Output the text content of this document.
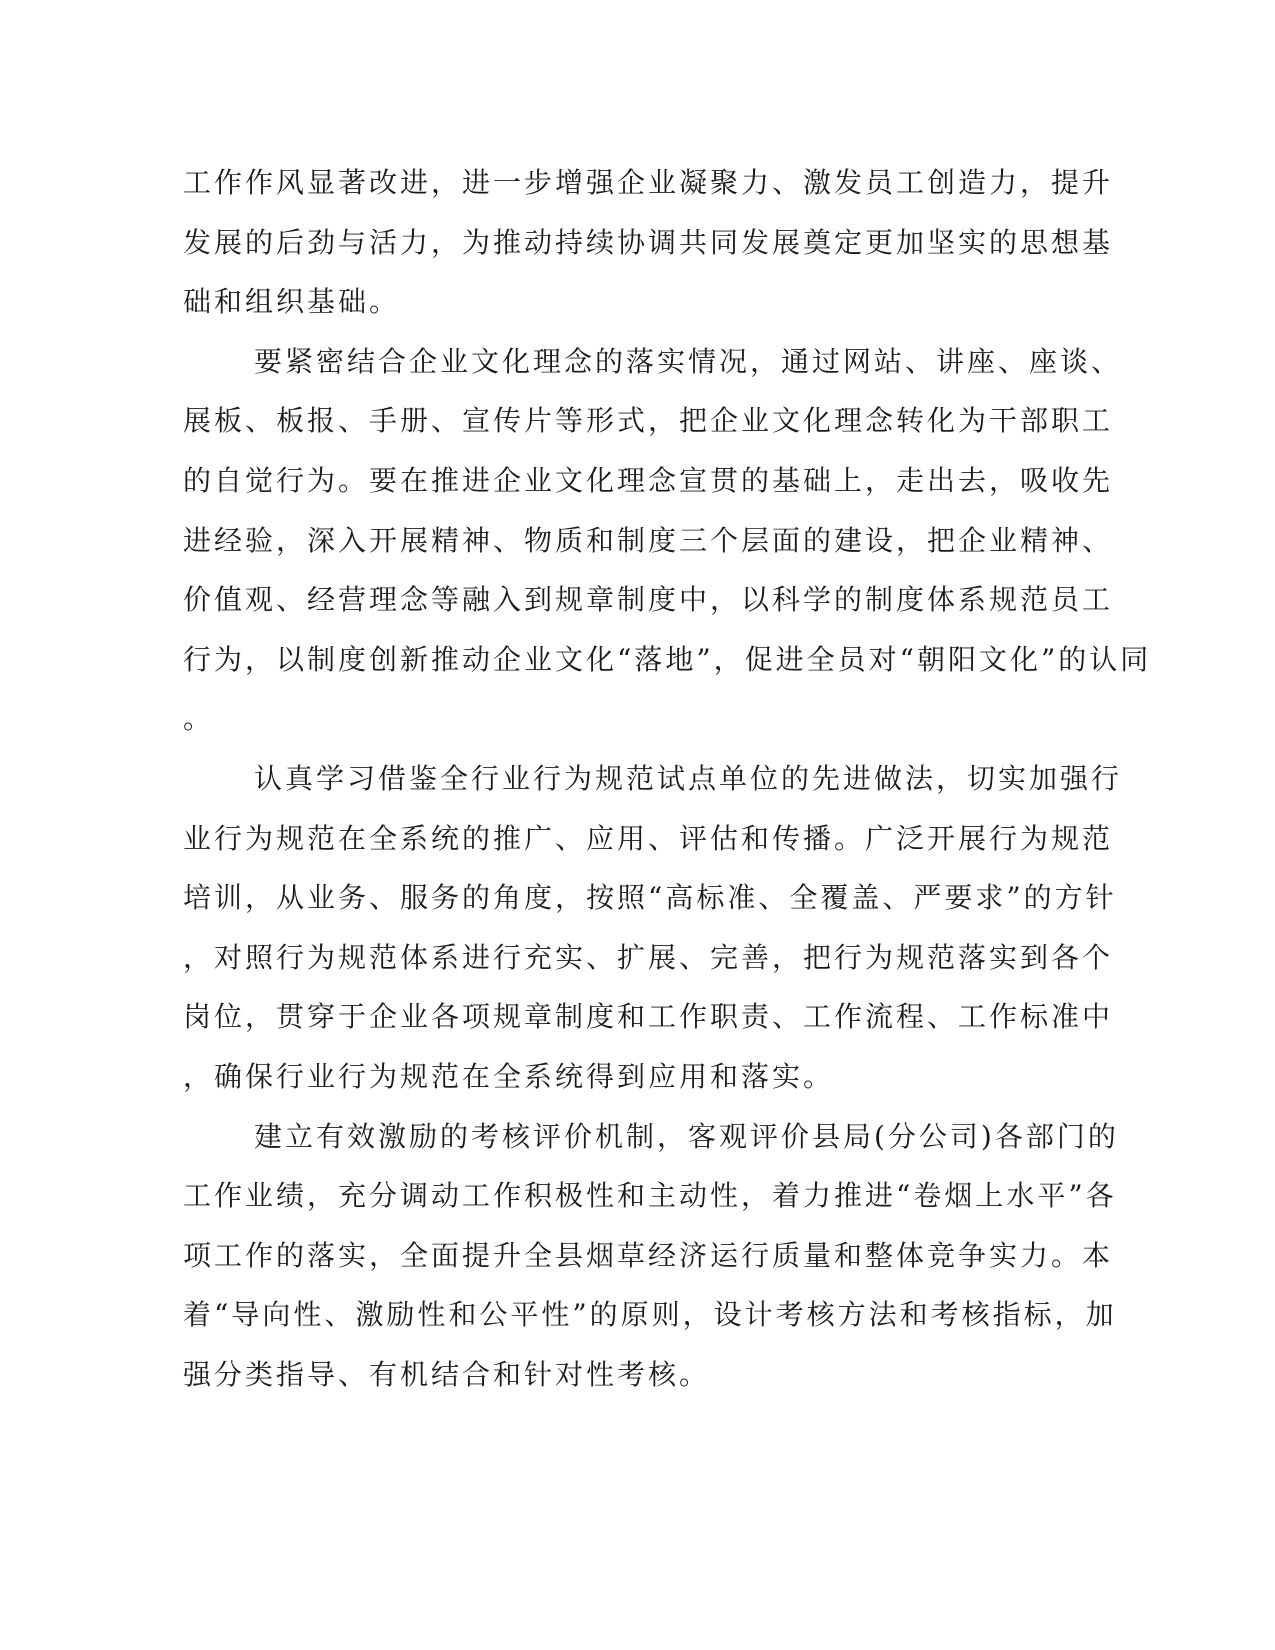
工作作风显著改进，进一步增强企业凝聚力、激发员工创造力，提升
发展的后劲与活力，为推动持续协调共同发展奠定更加坚实的思想基
础和组织基础。
要紧密结合企业文化理念的落实情况，通过网站、讲座、座谈、
展板、板报、手册、宣传片等形式，把企业文化理念转化为干部职工
的自觉行为。要在推进企业文化理念宣贯的基础上，走出去，吸收先
进经验，深入开展精神、物质和制度三个层面的建设，把企业精神、
价值观、经营理念等融入到规章制度中，以科学的制度体系规范员工
行为，以制度创新推动企业文化“落地”，促进全员对“朝阳文化”的认同
。
认真学习借鉴全行业行为规范试点单位的先进做法，切实加强行
业行为规范在全系统的推广、应用、评估和传播。广泛开展行为规范
培训，从业务、服务的角度，按照“高标准、全覆盖、严要求”的方针
，对照行为规范体系进行充实、扩展、完善，把行为规范落实到各个
岗位，贯穿于企业各项规章制度和工作职责、工作流程、工作标准中
，确保行业行为规范在全系统得到应用和落实。
建立有效激励的考核评价机制，客观评价县局(分公司)各部门的
工作业绩，充分调动工作积极性和主动性，着力推进“卷烟上水平”各
项工作的落实，全面提升全县烟草经济运行质量和整体竞争实力。本
着“导向性、激励性和公平性”的原则，设计考核方法和考核指标，加
强分类指导、有机结合和针对性考核。
